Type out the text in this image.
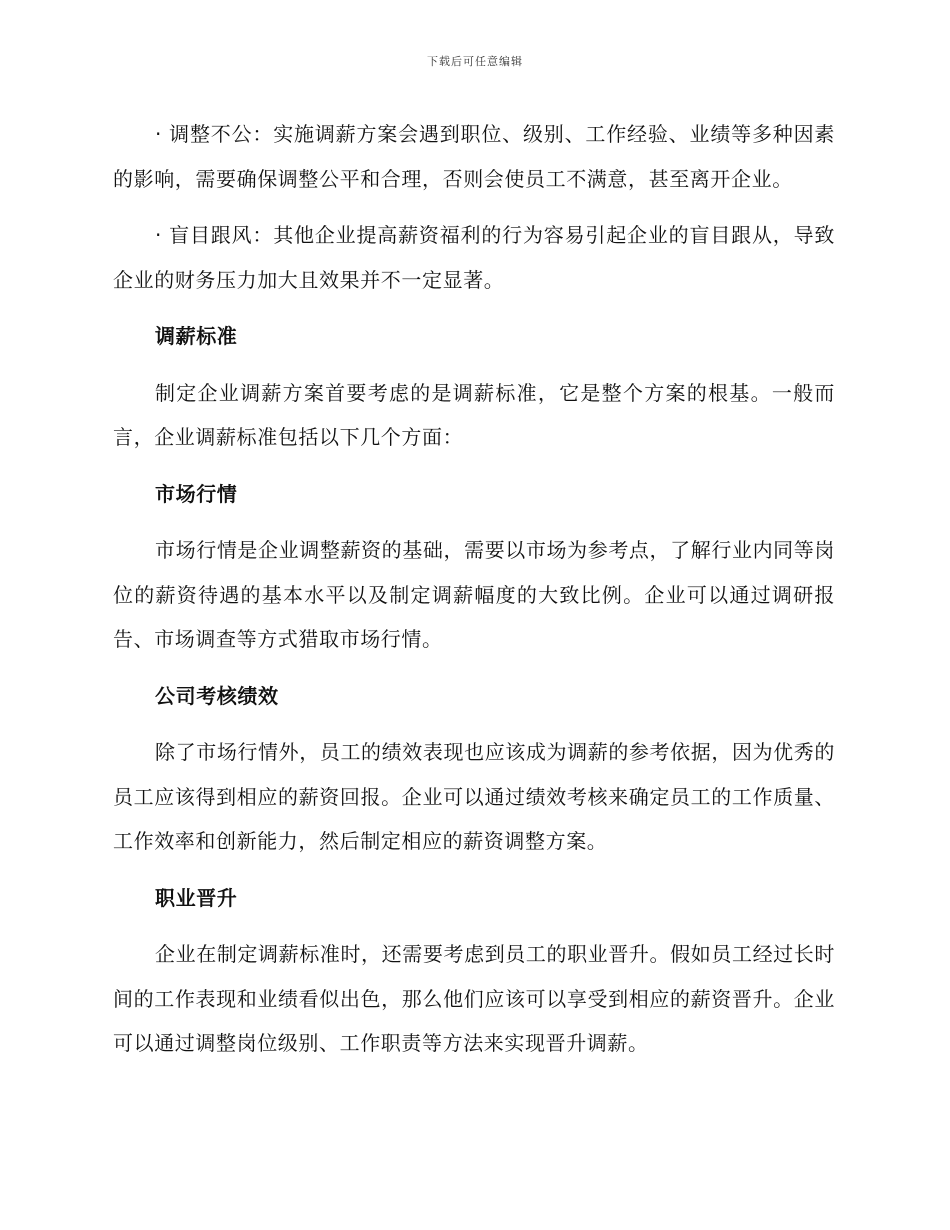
下载后可任意编辑

· 调整不公：实施调薪方案会遇到职位、级别、工作经验、业绩等多种因素的影响，需要确保调整公平和合理，否则会使员工不满意，甚至离开企业。

· 盲目跟风：其他企业提高薪资福利的行为容易引起企业的盲目跟从，导致企业的财务压力加大且效果并不一定显著。

调薪标准

制定企业调薪方案首要考虑的是调薪标准，它是整个方案的根基。一般而言，企业调薪标准包括以下几个方面：

市场行情

市场行情是企业调整薪资的基础，需要以市场为参考点，了解行业内同等岗位的薪资待遇的基本水平以及制定调薪幅度的大致比例。企业可以通过调研报告、市场调查等方式猎取市场行情。

公司考核绩效

除了市场行情外，员工的绩效表现也应该成为调薪的参考依据，因为优秀的员工应该得到相应的薪资回报。企业可以通过绩效考核来确定员工的工作质量、工作效率和创新能力，然后制定相应的薪资调整方案。

职业晋升

企业在制定调薪标准时，还需要考虑到员工的职业晋升。假如员工经过长时间的工作表现和业绩看似出色，那么他们应该可以享受到相应的薪资晋升。企业可以通过调整岗位级别、工作职责等方法来实现晋升调薪。
